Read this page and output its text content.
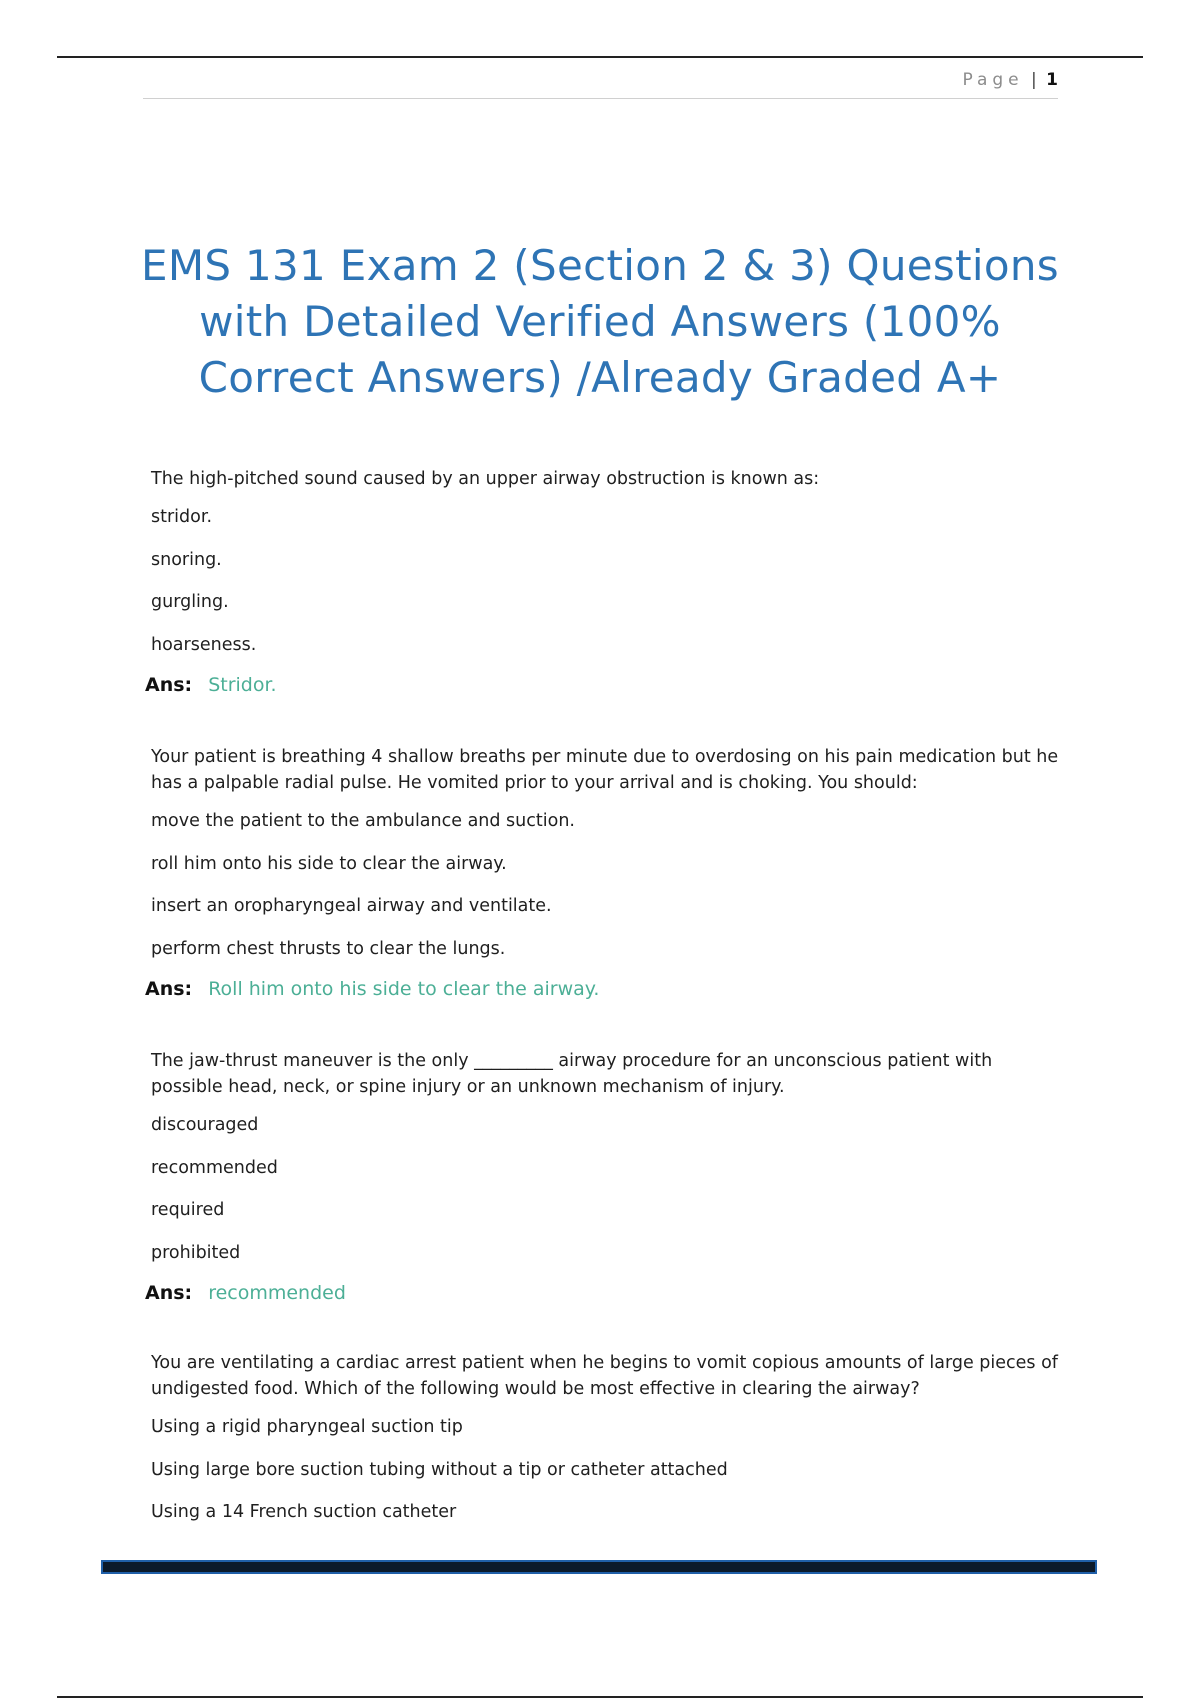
Page | 1
EMS 131 Exam 2 (Section 2 & 3) Questions with Detailed Verified Answers (100% Correct Answers) /Already Graded A+
The high-pitched sound caused by an upper airway obstruction is known as:
stridor.
snoring.
gurgling.
hoarseness.
Ans: Stridor.
Your patient is breathing 4 shallow breaths per minute due to overdosing on his pain medication but he has a palpable radial pulse. He vomited prior to your arrival and is choking. You should:
move the patient to the ambulance and suction.
roll him onto his side to clear the airway.
insert an oropharyngeal airway and ventilate.
perform chest thrusts to clear the lungs.
Ans: Roll him onto his side to clear the airway.
The jaw-thrust maneuver is the only _________ airway procedure for an unconscious patient with possible head, neck, or spine injury or an unknown mechanism of injury.
discouraged
recommended
required
prohibited
Ans: recommended
You are ventilating a cardiac arrest patient when he begins to vomit copious amounts of large pieces of undigested food. Which of the following would be most effective in clearing the airway?
Using a rigid pharyngeal suction tip
Using large bore suction tubing without a tip or catheter attached
Using a 14 French suction catheter
